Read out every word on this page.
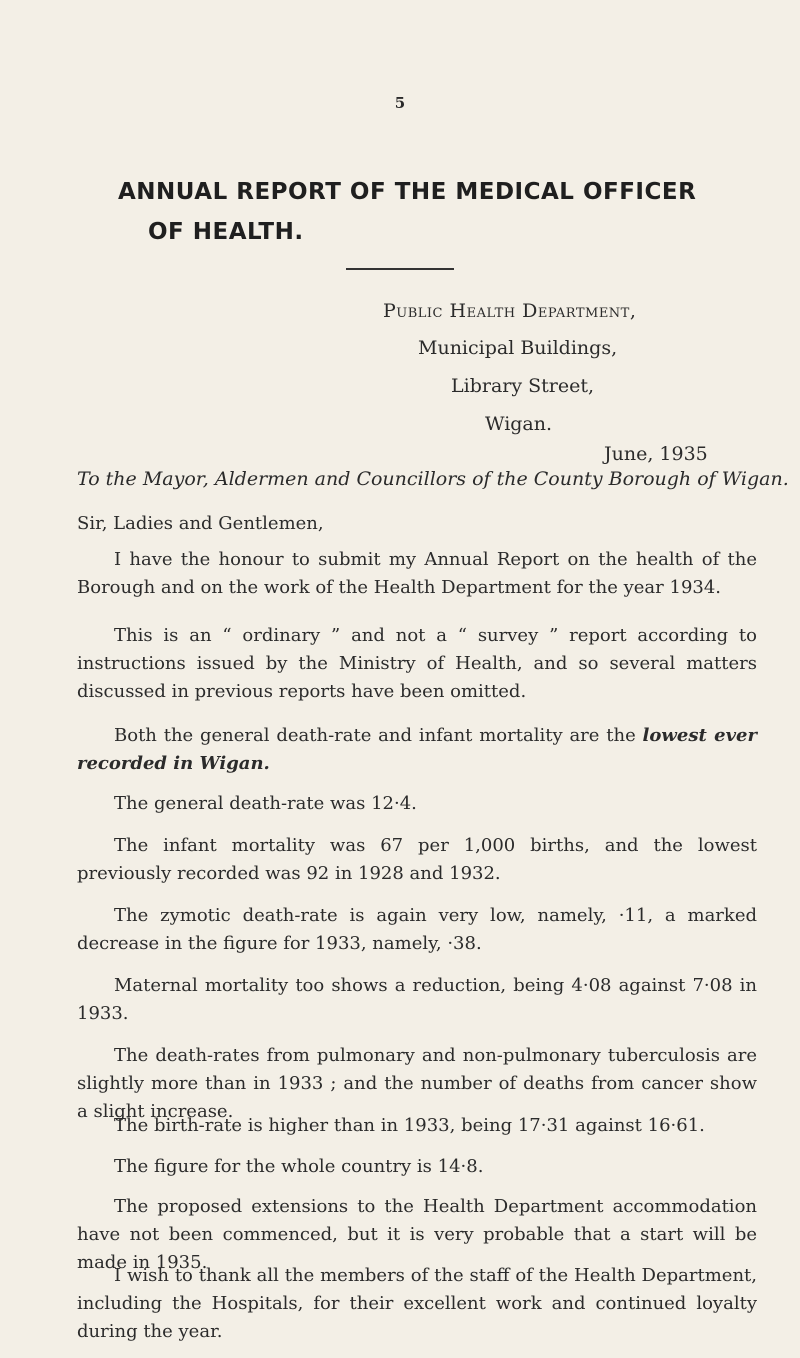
5
ANNUAL REPORT OF THE MEDICAL OFFICER
OF HEALTH.
Public Health Department,
Municipal Buildings,
Library Street,
Wigan.
June, 1935
To the Mayor, Aldermen and Councillors of the County Borough of Wigan.
Sir, Ladies and Gentlemen,
I have the honour to submit my Annual Report on the health of the Borough and on the work of the Health Department for the year 1934.
This is an “ ordinary ” and not a “ survey ” report according to instructions issued by the Ministry of Health, and so several matters discussed in previous reports have been omitted.
Both the general death-rate and infant mortality are the lowest ever recorded in Wigan.
The general death-rate was 12·4.
The infant mortality was 67 per 1,000 births, and the lowest previously recorded was 92 in 1928 and 1932.
The zymotic death-rate is again very low, namely, ·11, a marked decrease in the figure for 1933, namely, ·38.
Maternal mortality too shows a reduction, being 4·08 against 7·08 in 1933.
The death-rates from pulmonary and non-pulmonary tuberculosis are slightly more than in 1933 ; and the number of deaths from cancer show a slight increase.
The birth-rate is higher than in 1933, being 17·31 against 16·61.
The figure for the whole country is 14·8.
The proposed extensions to the Health Department accommodation have not been commenced, but it is very probable that a start will be made in 1935.
I wish to thank all the members of the staff of the Health Department, including the Hospitals, for their excellent work and continued loyalty during the year.
